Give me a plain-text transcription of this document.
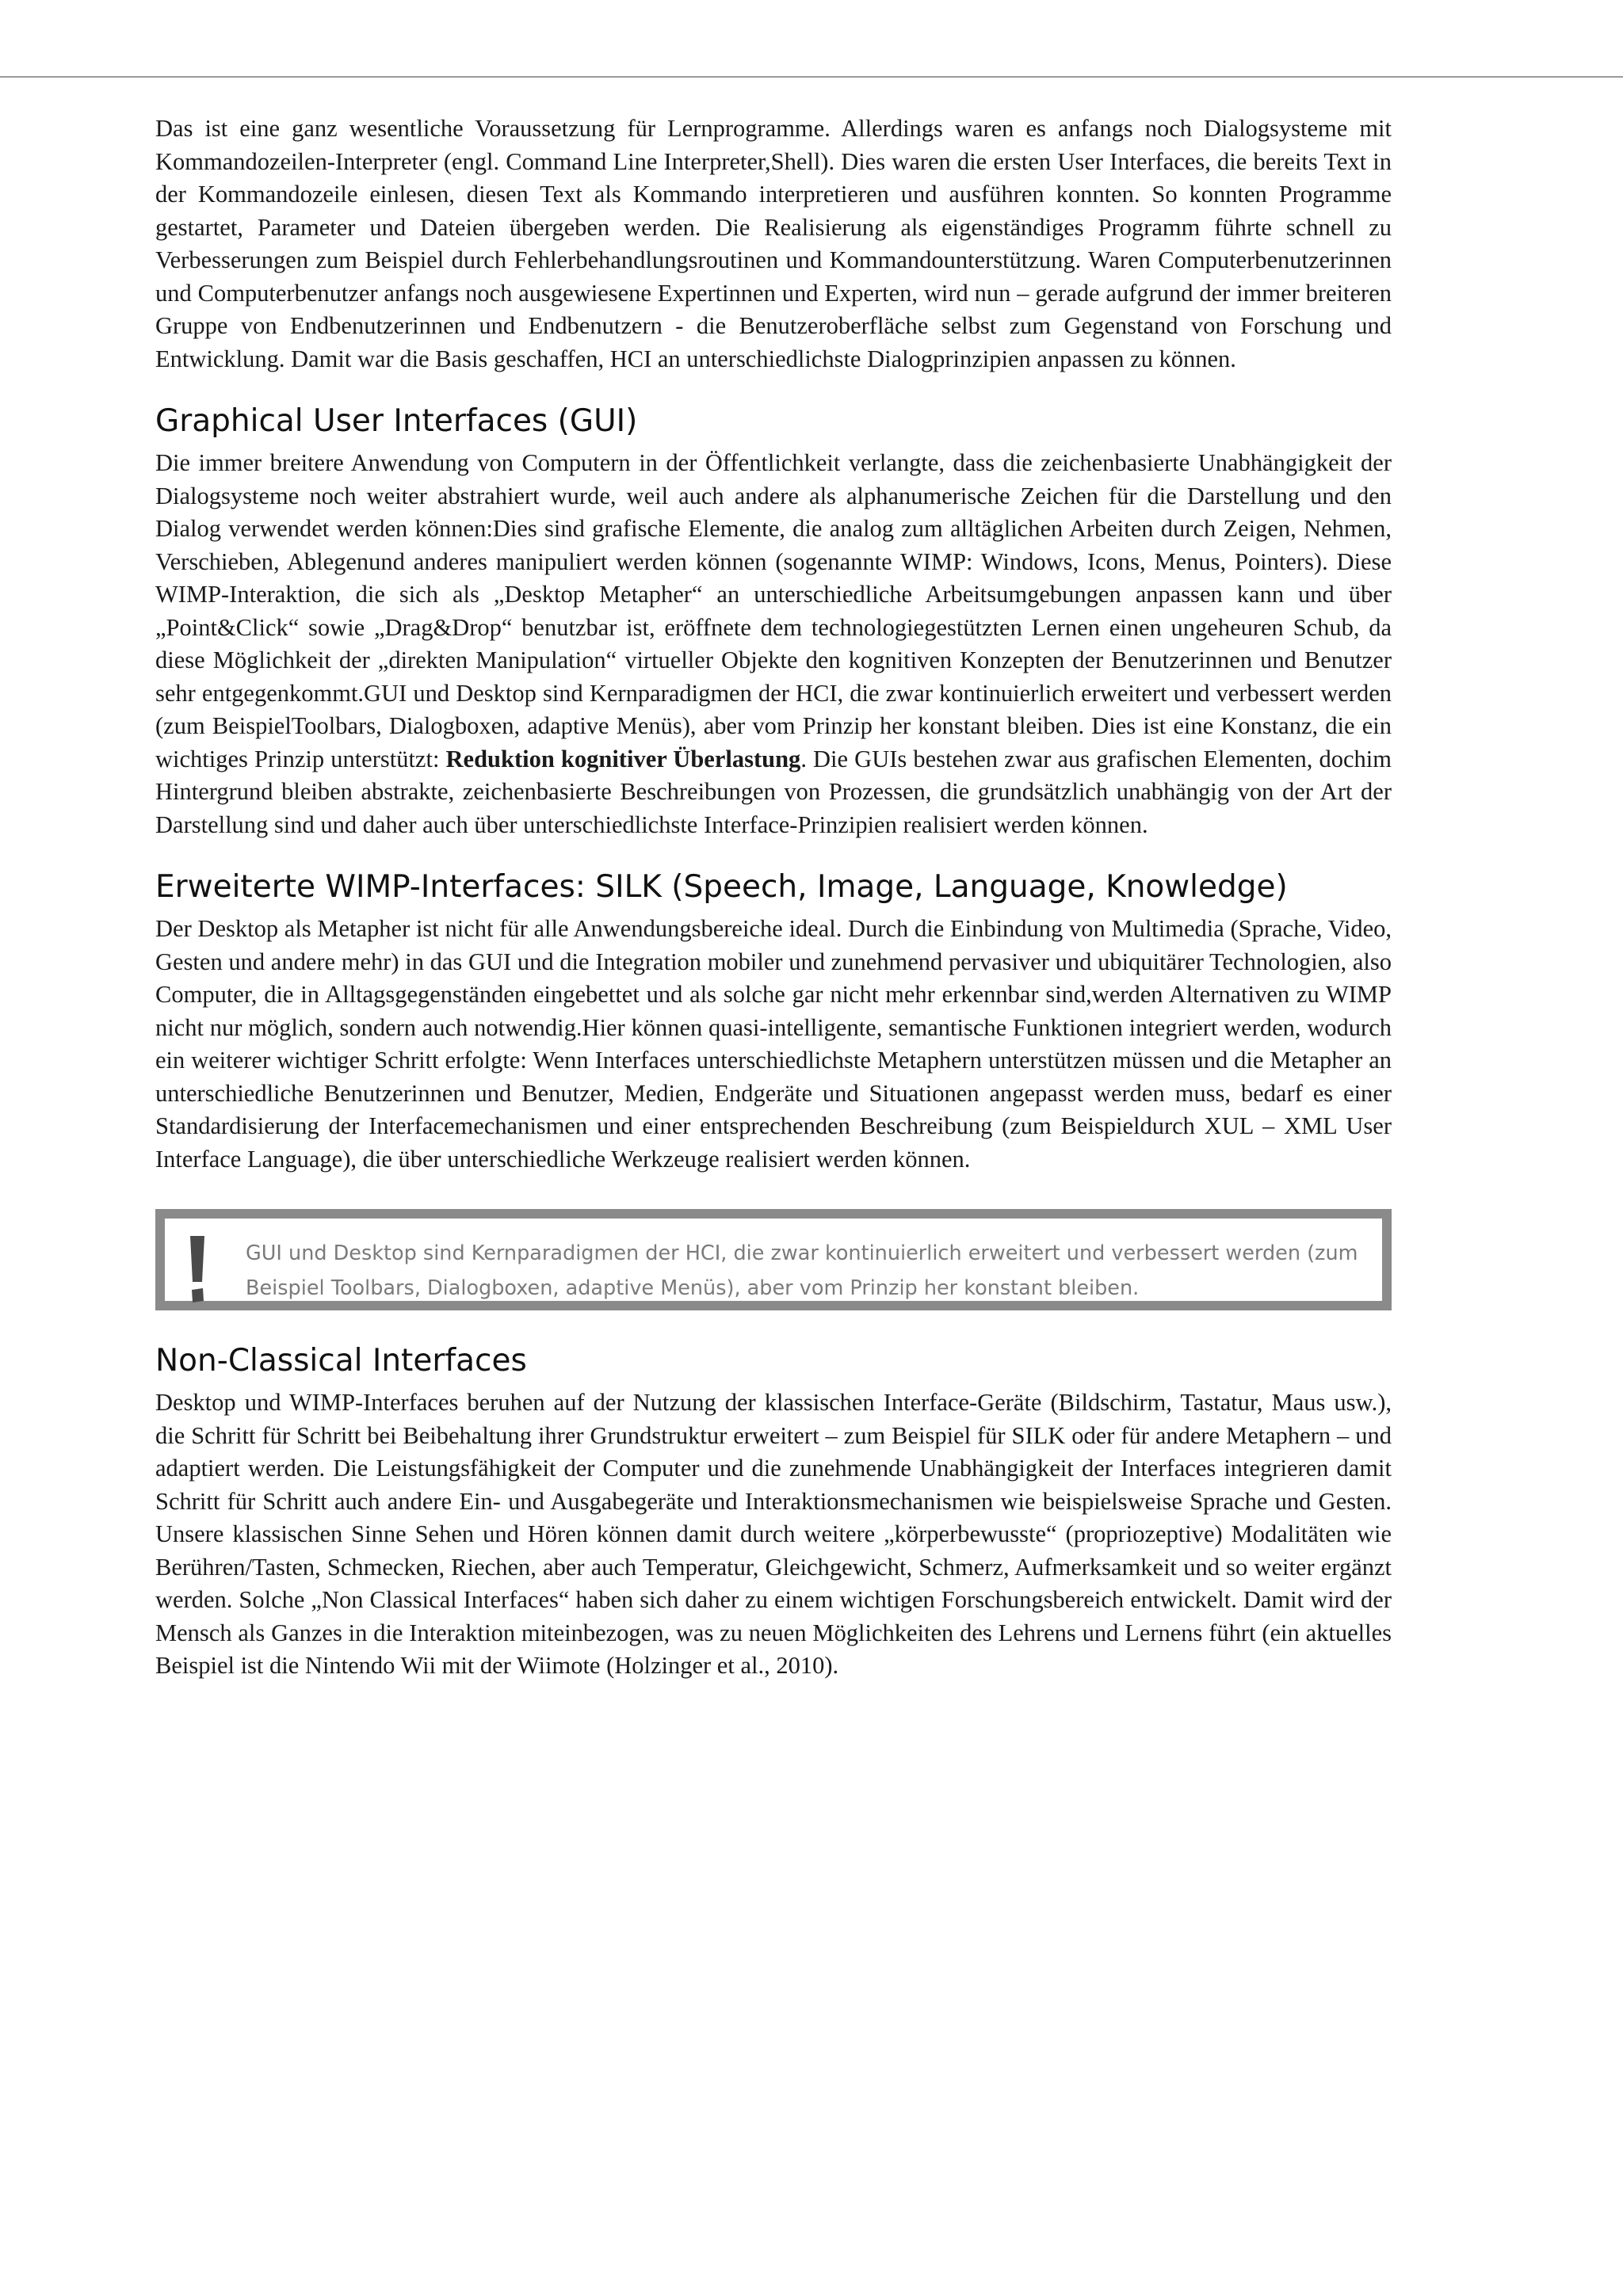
Das ist eine ganz wesentliche Voraussetzung für Lernprogramme. Allerdings waren es anfangs noch Dialogsysteme mit Kommandozeilen-Interpreter (engl. Command Line Interpreter,Shell). Dies waren die ersten User Interfaces, die bereits Text in der Kommandozeile einlesen, diesen Text als Kommando interpretieren und ausführen konnten. So konnten Programme gestartet, Parameter und Dateien übergeben werden. Die Realisierung als eigenständiges Programm führte schnell zu Verbesserungen zum Beispiel durch Fehlerbehandlungsroutinen und Kommandounterstützung. Waren Computerbenutzerinnen und Computerbenutzer anfangs noch ausgewiesene Expertinnen und Experten, wird nun – gerade aufgrund der immer breiteren Gruppe von Endbenutzerinnen und Endbenutzern - die Benutzeroberfläche selbst zum Gegenstand von Forschung und Entwicklung. Damit war die Basis geschaffen, HCI an unterschiedlichste Dialogprinzipien anpassen zu können.

Graphical User Interfaces (GUI)

Die immer breitere Anwendung von Computern in der Öffentlichkeit verlangte, dass die zeichenbasierte Unabhängigkeit der Dialogsysteme noch weiter abstrahiert wurde, weil auch andere als alphanumerische Zeichen für die Darstellung und den Dialog verwendet werden können:Dies sind grafische Elemente, die analog zum alltäglichen Arbeiten durch Zeigen, Nehmen, Verschieben, Ablegenund anderes manipuliert werden können (sogenannte WIMP: Windows, Icons, Menus, Pointers). Diese WIMP-Interaktion, die sich als „Desktop Metapher“ an unterschiedliche Arbeitsumgebungen anpassen kann und über „Point&Click“ sowie „Drag&Drop“ benutzbar ist, eröffnete dem technologiegestützten Lernen einen ungeheuren Schub, da diese Möglichkeit der „direkten Manipulation“ virtueller Objekte den kognitiven Konzepten der Benutzerinnen und Benutzer sehr entgegenkommt.GUI und Desktop sind Kernparadigmen der HCI, die zwar kontinuierlich erweitert und verbessert werden (zum BeispielToolbars, Dialogboxen, adaptive Menüs), aber vom Prinzip her konstant bleiben. Dies ist eine Konstanz, die ein wichtiges Prinzip unterstützt: Reduktion kognitiver Überlastung. Die GUIs bestehen zwar aus grafischen Elementen, dochim Hintergrund bleiben abstrakte, zeichenbasierte Beschreibungen von Prozessen, die grundsätzlich unabhängig von der Art der Darstellung sind und daher auch über unterschiedlichste Interface-Prinzipien realisiert werden können.

Erweiterte WIMP-Interfaces: SILK (Speech, Image, Language, Knowledge)

Der Desktop als Metapher ist nicht für alle Anwendungsbereiche ideal. Durch die Einbindung von Multimedia (Sprache, Video, Gesten und andere mehr) in das GUI und die Integration mobiler und zunehmend pervasiver und ubiquitärer Technologien, also Computer, die in Alltagsgegenständen eingebettet und als solche gar nicht mehr erkennbar sind,werden Alternativen zu WIMP nicht nur möglich, sondern auch notwendig.Hier können quasi-intelligente, semantische Funktionen integriert werden, wodurch ein weiterer wichtiger Schritt erfolgte: Wenn Interfaces unterschiedlichste Metaphern unterstützen müssen und die Metapher an unterschiedliche Benutzerinnen und Benutzer, Medien, Endgeräte und Situationen angepasst werden muss, bedarf es einer Standardisierung der Interfacemechanismen und einer entsprechenden Beschreibung (zum Beispieldurch XUL – XML User Interface Language), die über unterschiedliche Werkzeuge realisiert werden können.

GUI und Desktop sind Kernparadigmen der HCI, die zwar kontinuierlich erweitert und verbessert werden (zum Beispiel Toolbars, Dialogboxen, adaptive Menüs), aber vom Prinzip her konstant bleiben.

Non-Classical Interfaces

Desktop und WIMP-Interfaces beruhen auf der Nutzung der klassischen Interface-Geräte (Bildschirm, Tastatur, Maus usw.), die Schritt für Schritt bei Beibehaltung ihrer Grundstruktur erweitert – zum Beispiel für SILK oder für andere Metaphern – und adaptiert werden. Die Leistungsfähigkeit der Computer und die zunehmende Unabhängigkeit der Interfaces integrieren damit Schritt für Schritt auch andere Ein- und Ausgabegeräte und Interaktionsmechanismen wie beispielsweise Sprache und Gesten. Unsere klassischen Sinne Sehen und Hören können damit durch weitere „körperbewusste“ (propriozeptive) Modalitäten wie Berühren/Tasten, Schmecken, Riechen, aber auch Temperatur, Gleichgewicht, Schmerz, Aufmerksamkeit und so weiter ergänzt werden. Solche „Non Classical Interfaces“ haben sich daher zu einem wichtigen Forschungsbereich entwickelt. Damit wird der Mensch als Ganzes in die Interaktion miteinbezogen, was zu neuen Möglichkeiten des Lehrens und Lernens führt (ein aktuelles Beispiel ist die Nintendo Wii mit der Wiimote (Holzinger et al., 2010).
